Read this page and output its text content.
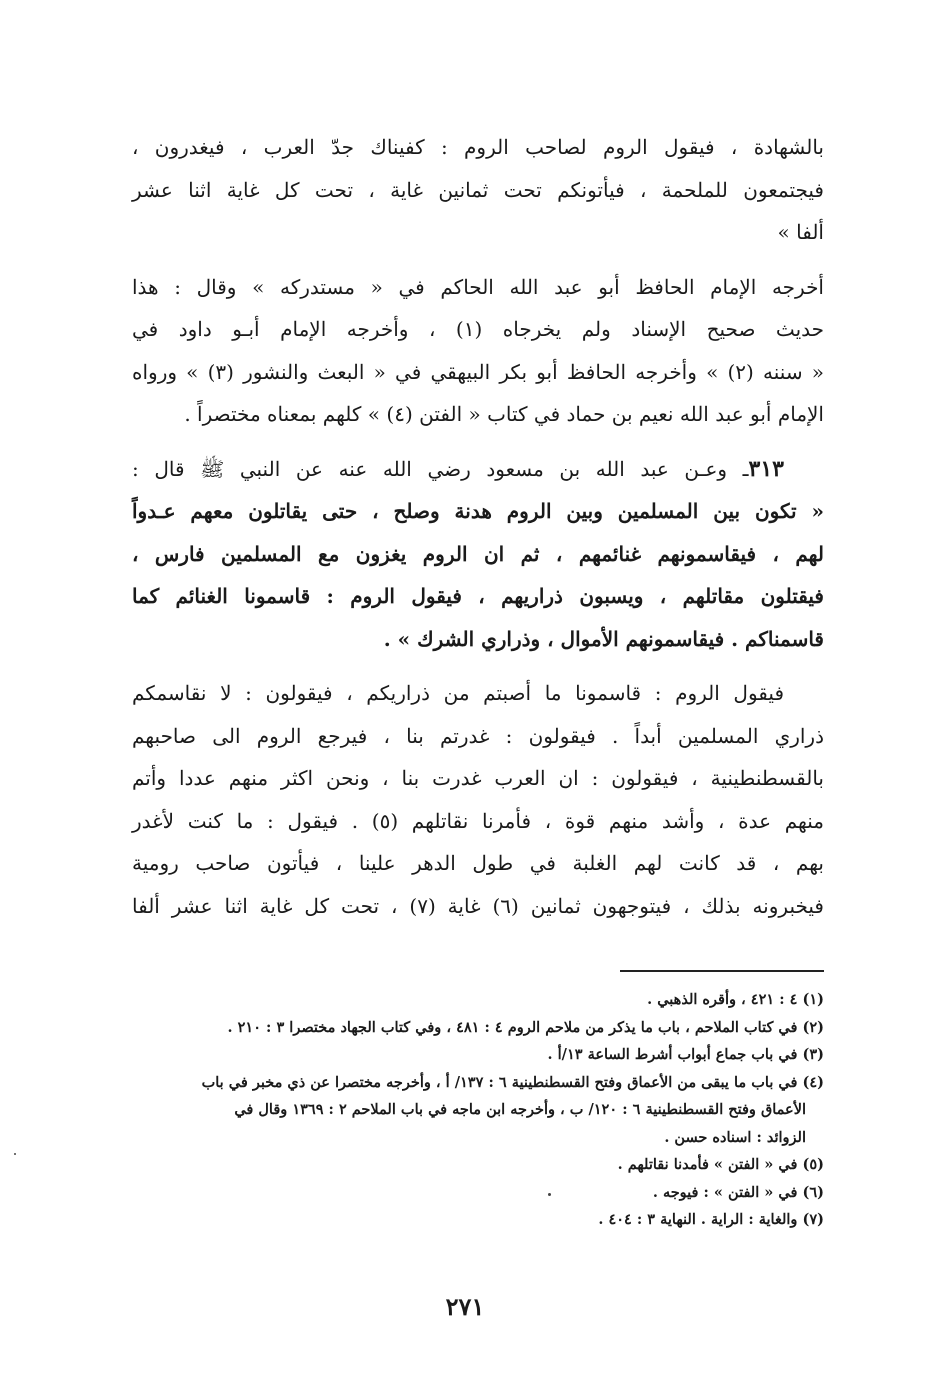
بالشهادة ، فيقول الروم لصاحب الروم : كفيناك جدّ العرب ، فيغدرون ،
فيجتمعون للملحمة ، فيأتونكم تحت ثمانين غاية ، تحت كل غاية اثنا عشر
ألفا »

أخرجه الإمام الحافظ أبو عبد الله الحاكم في « مستدركه » وقال : هذا
حديث صحيح الإسناد ولم يخرجاه (١) ، وأخرجه الإمام أبـو داود في
« سننه (٢) » وأخرجه الحافظ أبو بكر البيهقي في « البعث والنشور (٣) » ورواه
الإمام أبو عبد الله نعيم بن حماد في كتاب « الفتن (٤) » كلهم بمعناه مختصراً .

٣١٣ـ وعـن عبد الله بن مسعود رضي الله عنه عن النبي ﷺ قال :
« تكون بين المسلمين وبين الروم هدنة وصلح ، حتى يقاتلون معهم عـدواً
لهم ، فيقاسمونهم غنائمهم ، ثم ان الروم يغزون مع المسلمين فارس ،
فيقتلون مقاتلهم ، ويسبون ذراريهم ، فيقول الروم : قاسمونا الغنائم كما
قاسمناكم . فيقاسمونهم الأموال ، وذراري الشرك » .

فيقول الروم : قاسمونا ما أصبتم من ذراريكم ، فيقولون : لا نقاسمكم
ذراري المسلمين أبداً . فيقولون : غدرتم بنا ، فيرجع الروم الى صاحبهم
بالقسطنطينية ، فيقولون : ان العرب غدرت بنا ، ونحن اكثر منهم عددا وأتم
منهم عدة ، وأشد منهم قوة ، فأمرنا نقاتلهم (٥) . فيقول : ما كنت لأغدر
بهم ، قد كانت لهم الغلبة في طول الدهر علينا ، فيأتون صاحب رومية
فيخبرونه بذلك ، فيتوجهون ثمانين (٦) غاية (٧) ، تحت كل غاية اثنا عشر ألفا

(١) ٤ : ٤٢١ ، وأقره الذهبي .
(٢) في كتاب الملاحم ، باب ما يذكر من ملاحم الروم ٤ : ٤٨١ ، وفي كتاب الجهاد مختصرا ٣ : ٢١٠ .
(٣) في باب جماع أبواب أشرط الساعة ١٣/أ .
(٤) في باب ما يبقى من الأعماق وفتح القسطنطينية ٦ : ١٣٧/ أ ، وأخرجه مختصرا عن ذي مخبر في باب
الأعماق وفتح القسطنطينية ٦ : ١٢٠/ ب ، وأخرجه ابن ماجه في باب الملاحم ٢ : ١٣٦٩ وقال في
الزوائد : اسناده حسن .
(٥) في « الفتن » فأمدنا نقاتلهم .
(٦) في « الفتن » : فيوجه .
(٧) والغاية : الراية . النهاية ٣ : ٤٠٤ .
٢٧١
